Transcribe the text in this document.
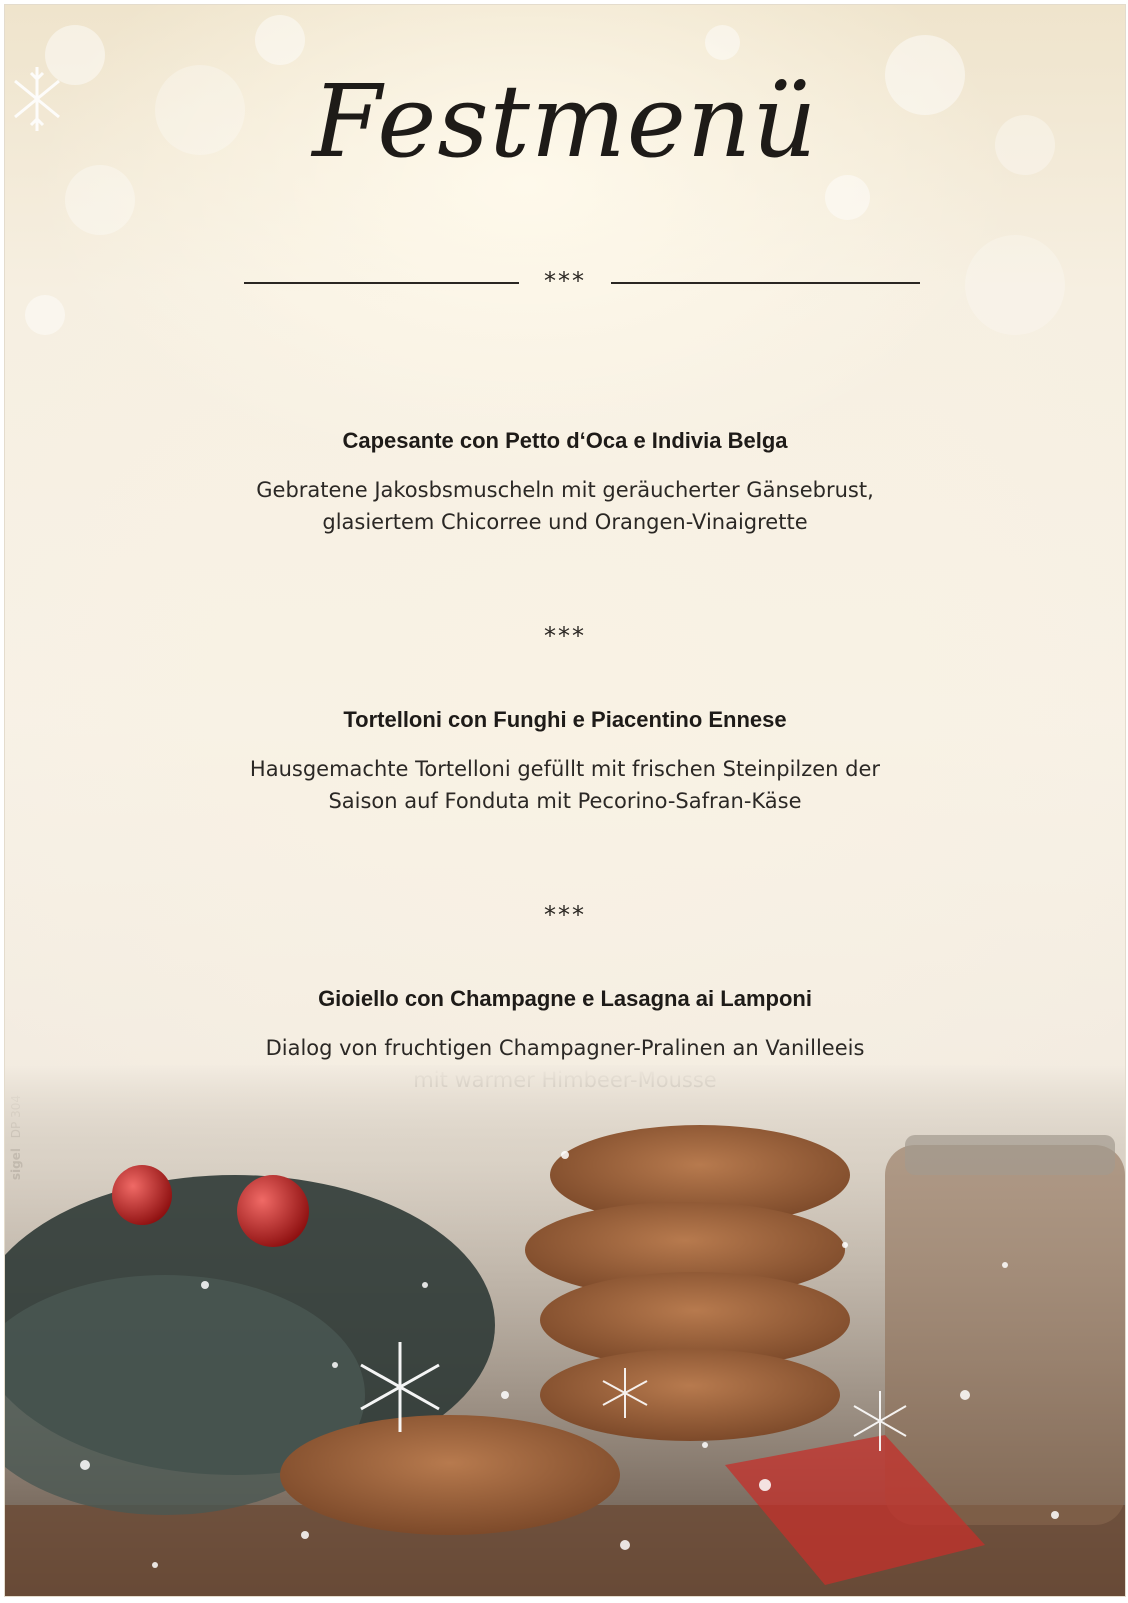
Festmenü
***
Capesante con Petto d‘Oca e Indivia Belga

Gebratene Jakosbsmuscheln mit geräucherter Gänsebrust,
glasiertem Chicorree und Orangen-Vinaigrette

***
Tortelloni con Funghi e Piacentino Ennese

Hausgemachte Tortelloni gefüllt mit frischen Steinpilzen der
Saison auf Fonduta mit Pecorino-Safran-Käse

***
Gioiello con Champagne e Lasagna ai Lamponi

Dialog von fruchtigen Champagner-Pralinen an Vanilleeis
